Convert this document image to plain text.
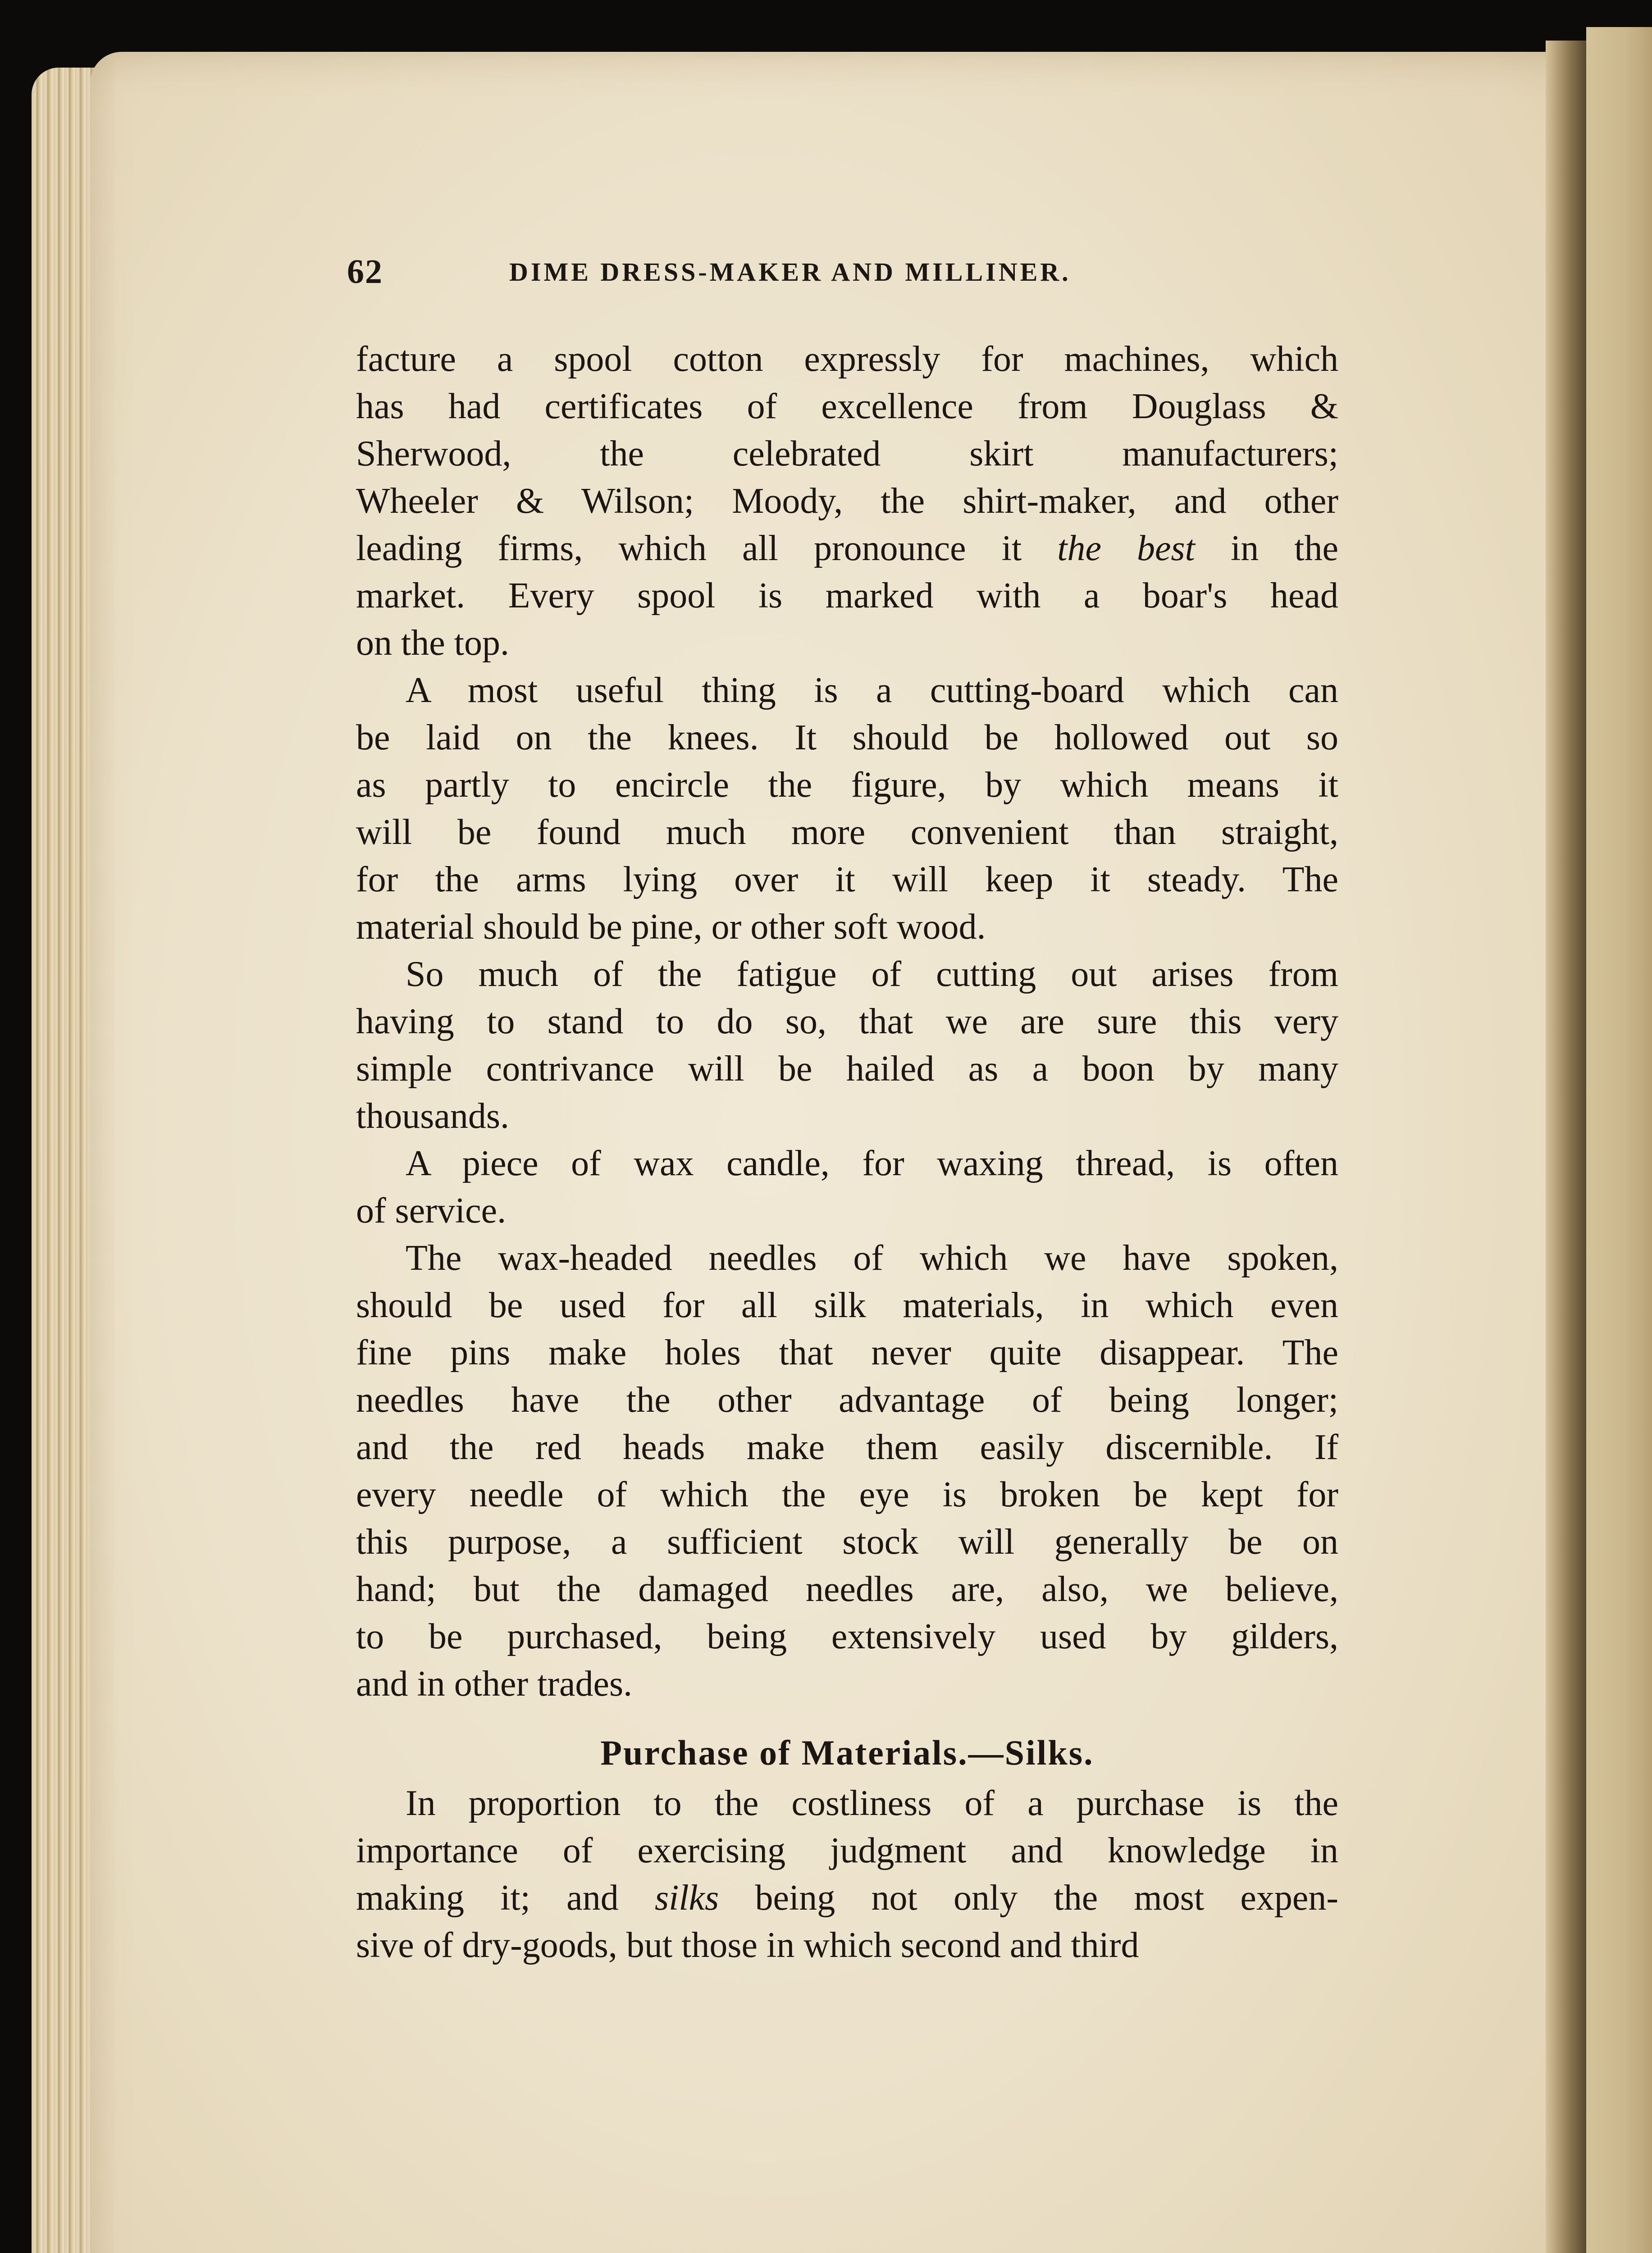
62	DIME DRESS-MAKER AND MILLINER.
facture a spool cotton expressly for machines, which
has had certificates of excellence from Douglass &
Sherwood, the celebrated skirt manufacturers;
Wheeler & Wilson; Moody, the shirt-maker, and other
leading firms, which all pronounce it the best in the
market. Every spool is marked with a boar's head
on the top.
A most useful thing is a cutting-board which can
be laid on the knees. It should be hollowed out so
as partly to encircle the figure, by which means it
will be found much more convenient than straight,
for the arms lying over it will keep it steady. The
material should be pine, or other soft wood.
So much of the fatigue of cutting out arises from
having to stand to do so, that we are sure this very
simple contrivance will be hailed as a boon by many
thousands.
A piece of wax candle, for waxing thread, is often
of service.
The wax-headed needles of which we have spoken,
should be used for all silk materials, in which even
fine pins make holes that never quite disappear. The
needles have the other advantage of being longer;
and the red heads make them easily discernible. If
every needle of which the eye is broken be kept for
this purpose, a sufficient stock will generally be on
hand; but the damaged needles are, also, we believe,
to be purchased, being extensively used by gilders,
and in other trades.
Purchase of Materials.—Silks.
In proportion to the costliness of a purchase is the
importance of exercising judgment and knowledge in
making it; and silks being not only the most expen-
sive of dry-goods, but those in which second and third
